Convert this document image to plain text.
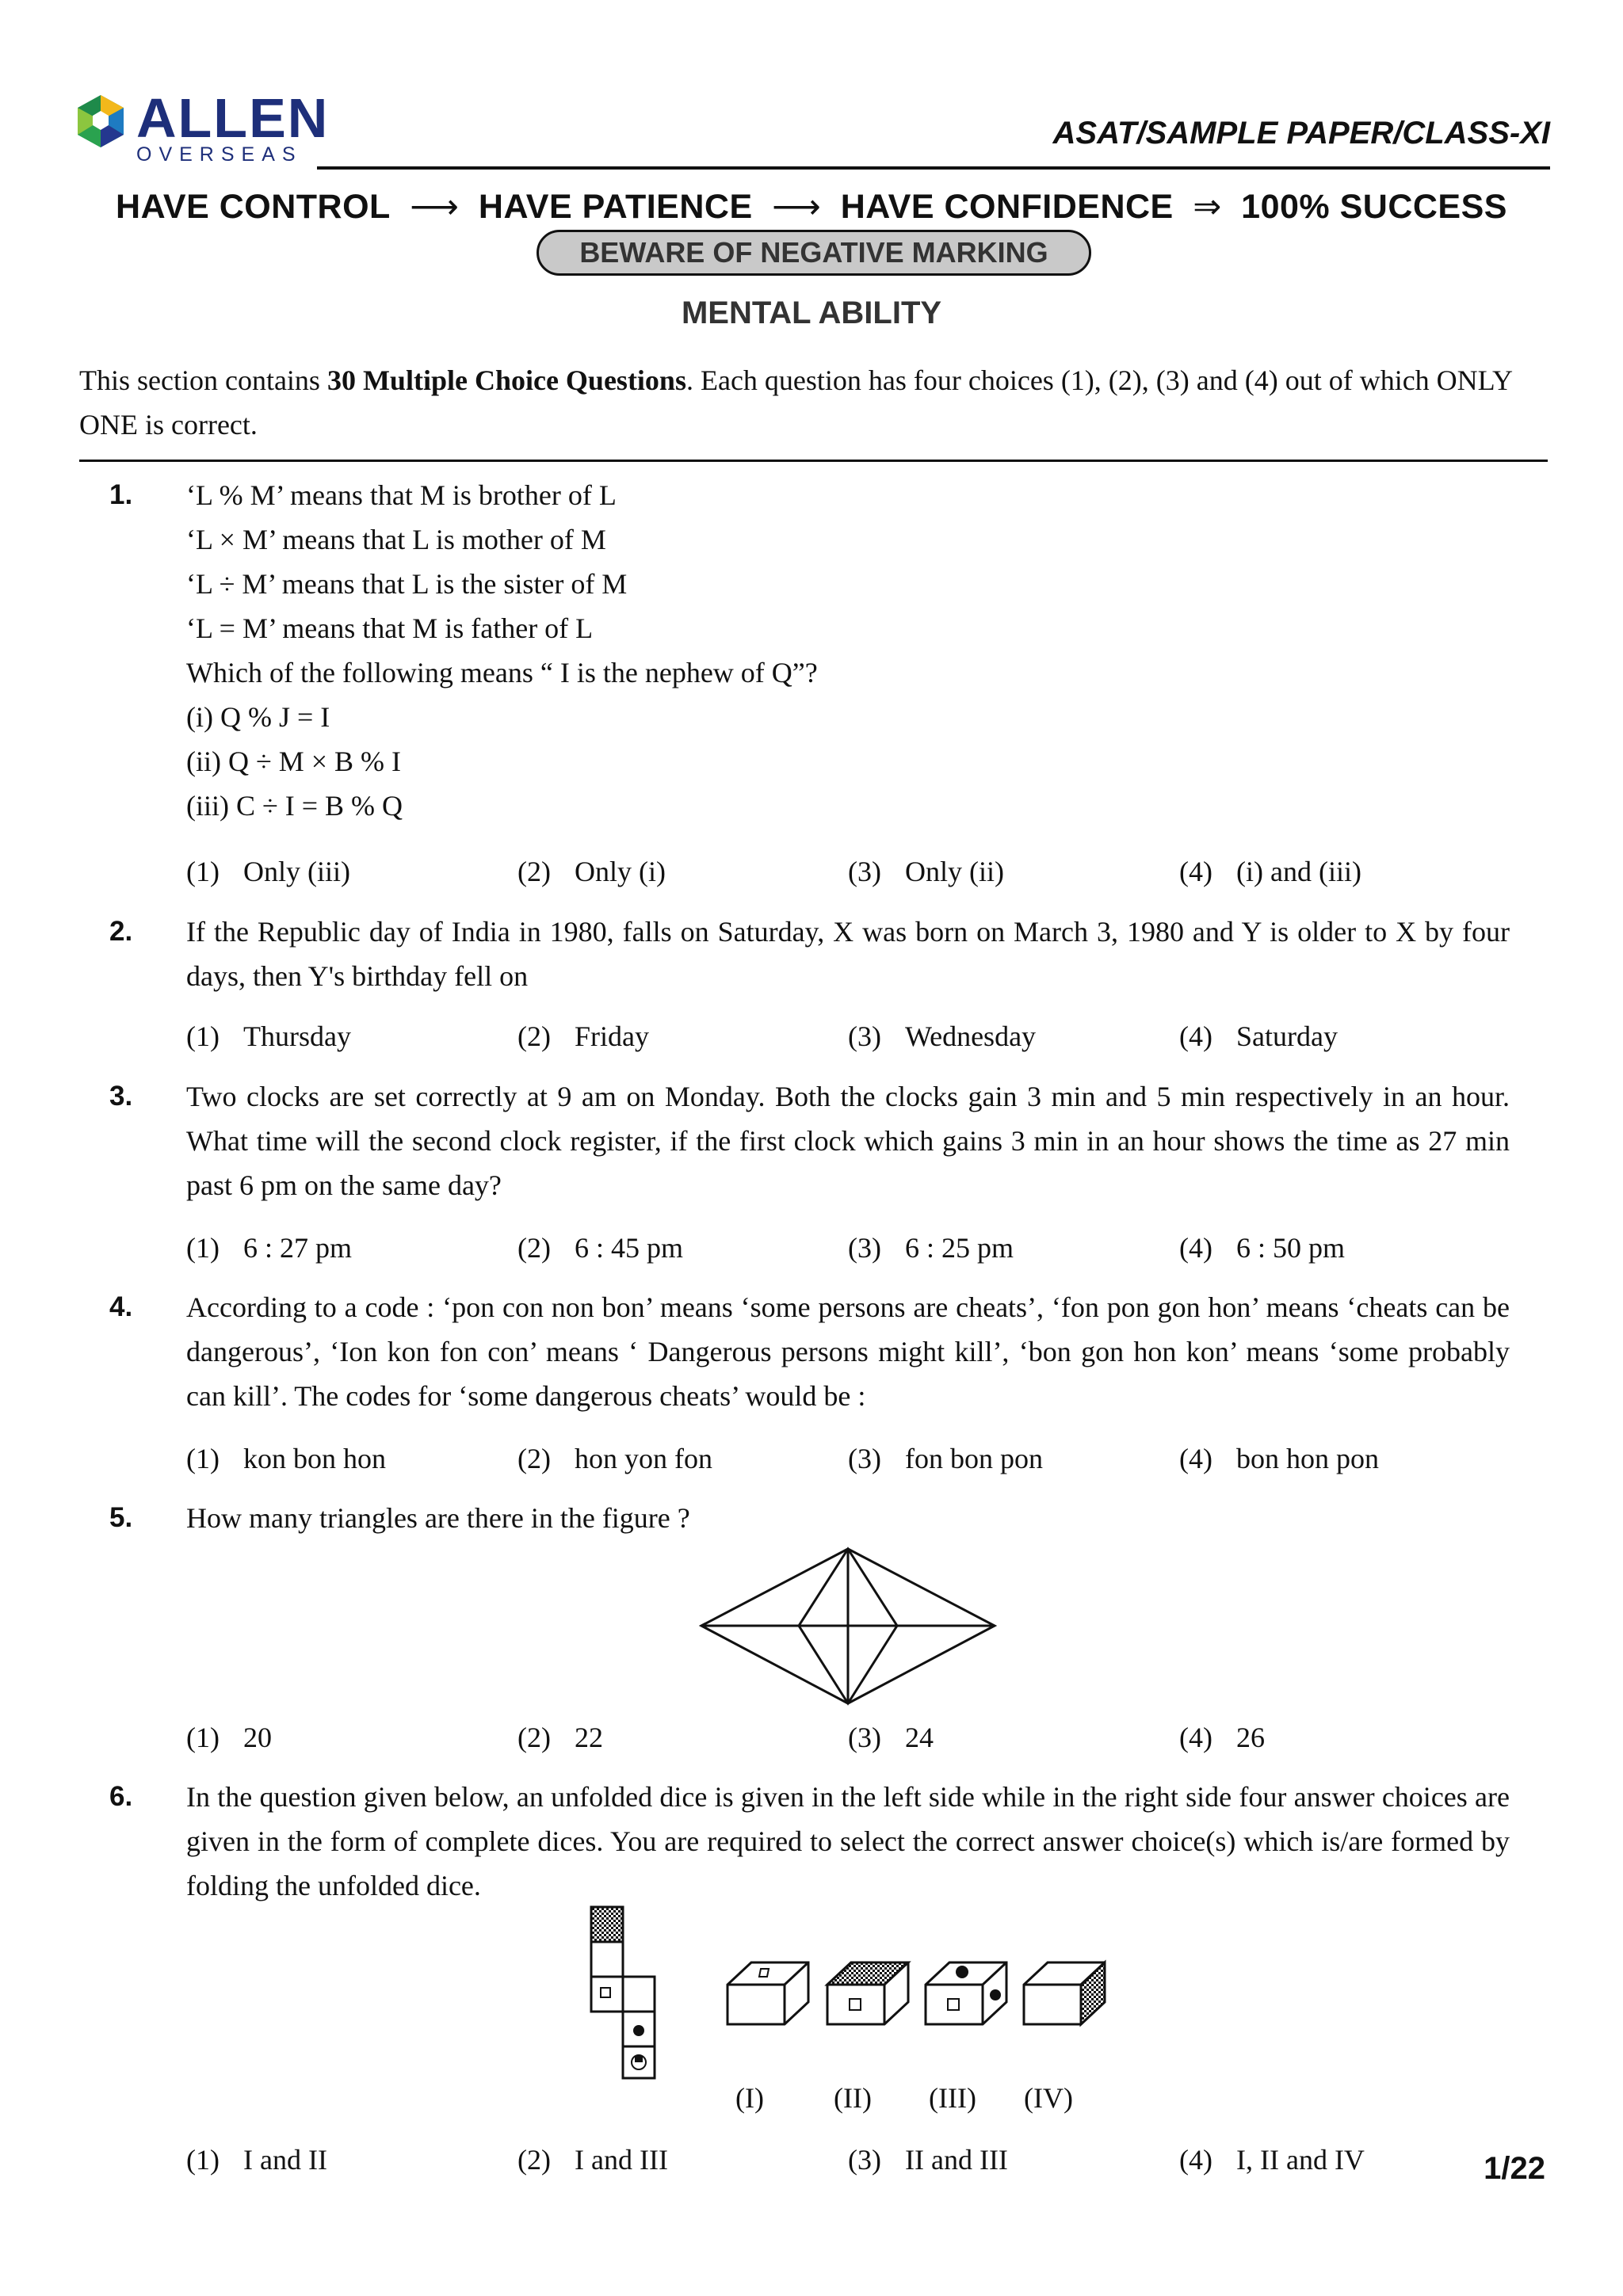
ALLEN
OVERSEAS
ASAT/SAMPLE PAPER/CLASS-XI
HAVE CONTROL ⟶ HAVE PATIENCE ⟶ HAVE CONFIDENCE ⇒ 100% SUCCESS
BEWARE OF NEGATIVE MARKING
MENTAL ABILITY
This section contains 30 Multiple Choice Questions. Each question has four choices (1), (2), (3) and (4) out of which ONLY ONE is correct.
1. ‘L % M’ means that M is brother of L
‘L × M’ means that L is mother of M
‘L ÷ M’ means that L is the sister of M
‘L = M’ means that M is father of L
Which of the following means “ I is the nephew of Q”?
(i) Q % J = I
(ii) Q ÷ M × B % I
(iii) C ÷ I = B % Q
(1) Only (iii)	(2) Only (i)	(3) Only (ii)	(4) (i) and (iii)
2. If the Republic day of India in 1980, falls on Saturday, X was born on March 3, 1980 and Y is older to X by four days, then Y's birthday fell on
(1) Thursday	(2) Friday	(3) Wednesday	(4) Saturday
3. Two clocks are set correctly at 9 am on Monday. Both the clocks gain 3 min and 5 min respectively in an hour. What time will the second clock register, if the first clock which gains 3 min in an hour shows the time as 27 min past 6 pm on the same day?
(1) 6 : 27 pm	(2) 6 : 45 pm	(3) 6 : 25 pm	(4) 6 : 50 pm
4. According to a code : ‘pon con non bon’ means ‘some persons are cheats’, ‘fon pon gon hon’ means ‘cheats can be dangerous’, ‘Ion kon fon con’ means ‘ Dangerous persons might kill’, ‘bon gon hon kon’ means ‘some probably can kill’. The codes for ‘some dangerous cheats’ would be :
(1) kon bon hon	(2) hon yon fon	(3) fon bon pon	(4) bon hon pon
5. How many triangles are there in the figure ?
(1) 20	(2) 22	(3) 24	(4) 26
6. In the question given below, an unfolded dice is given in the left side while in the right side four answer choices are given in the form of complete dices. You are required to select the correct answer choice(s) which is/are formed by folding the unfolded dice.
(I) (II) (III) (IV)
(1) I and II	(2) I and III	(3) II and III	(4) I, II and IV	1/22
